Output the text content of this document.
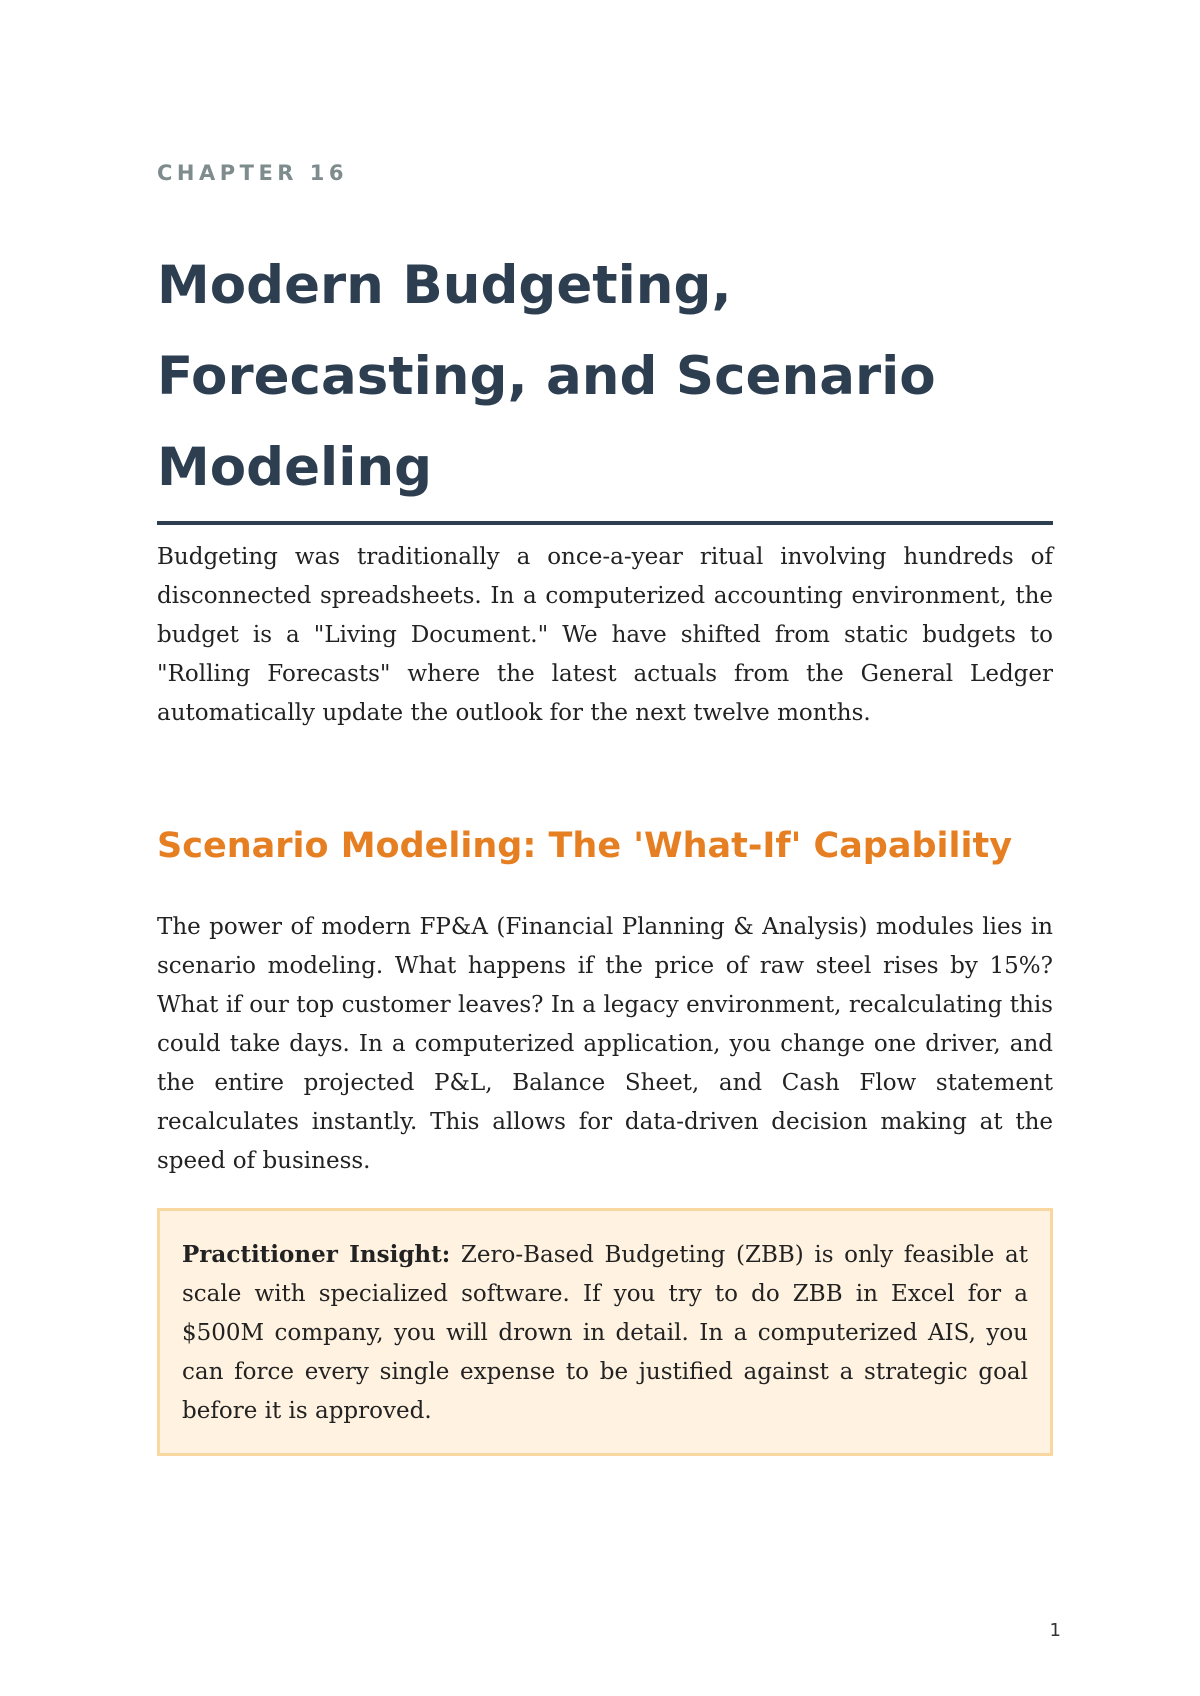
CHAPTER 16

Modern Budgeting, Forecasting, and Scenario Modeling

Budgeting was traditionally a once-a-year ritual involving hundreds of disconnected spreadsheets. In a computerized accounting environment, the budget is a "Living Document." We have shifted from static budgets to "Rolling Forecasts" where the latest actuals from the General Ledger automatically update the outlook for the next twelve months.

Scenario Modeling: The 'What-If' Capability

The power of modern FP&A (Financial Planning & Analysis) modules lies in scenario modeling. What happens if the price of raw steel rises by 15%? What if our top customer leaves? In a legacy environment, recalculating this could take days. In a computerized application, you change one driver, and the entire projected P&L, Balance Sheet, and Cash Flow statement recalculates instantly. This allows for data-driven decision making at the speed of business.

Practitioner Insight: Zero-Based Budgeting (ZBB) is only feasible at scale with specialized software. If you try to do ZBB in Excel for a $500M company, you will drown in detail. In a computerized AIS, you can force every single expense to be justified against a strategic goal before it is approved.

1
